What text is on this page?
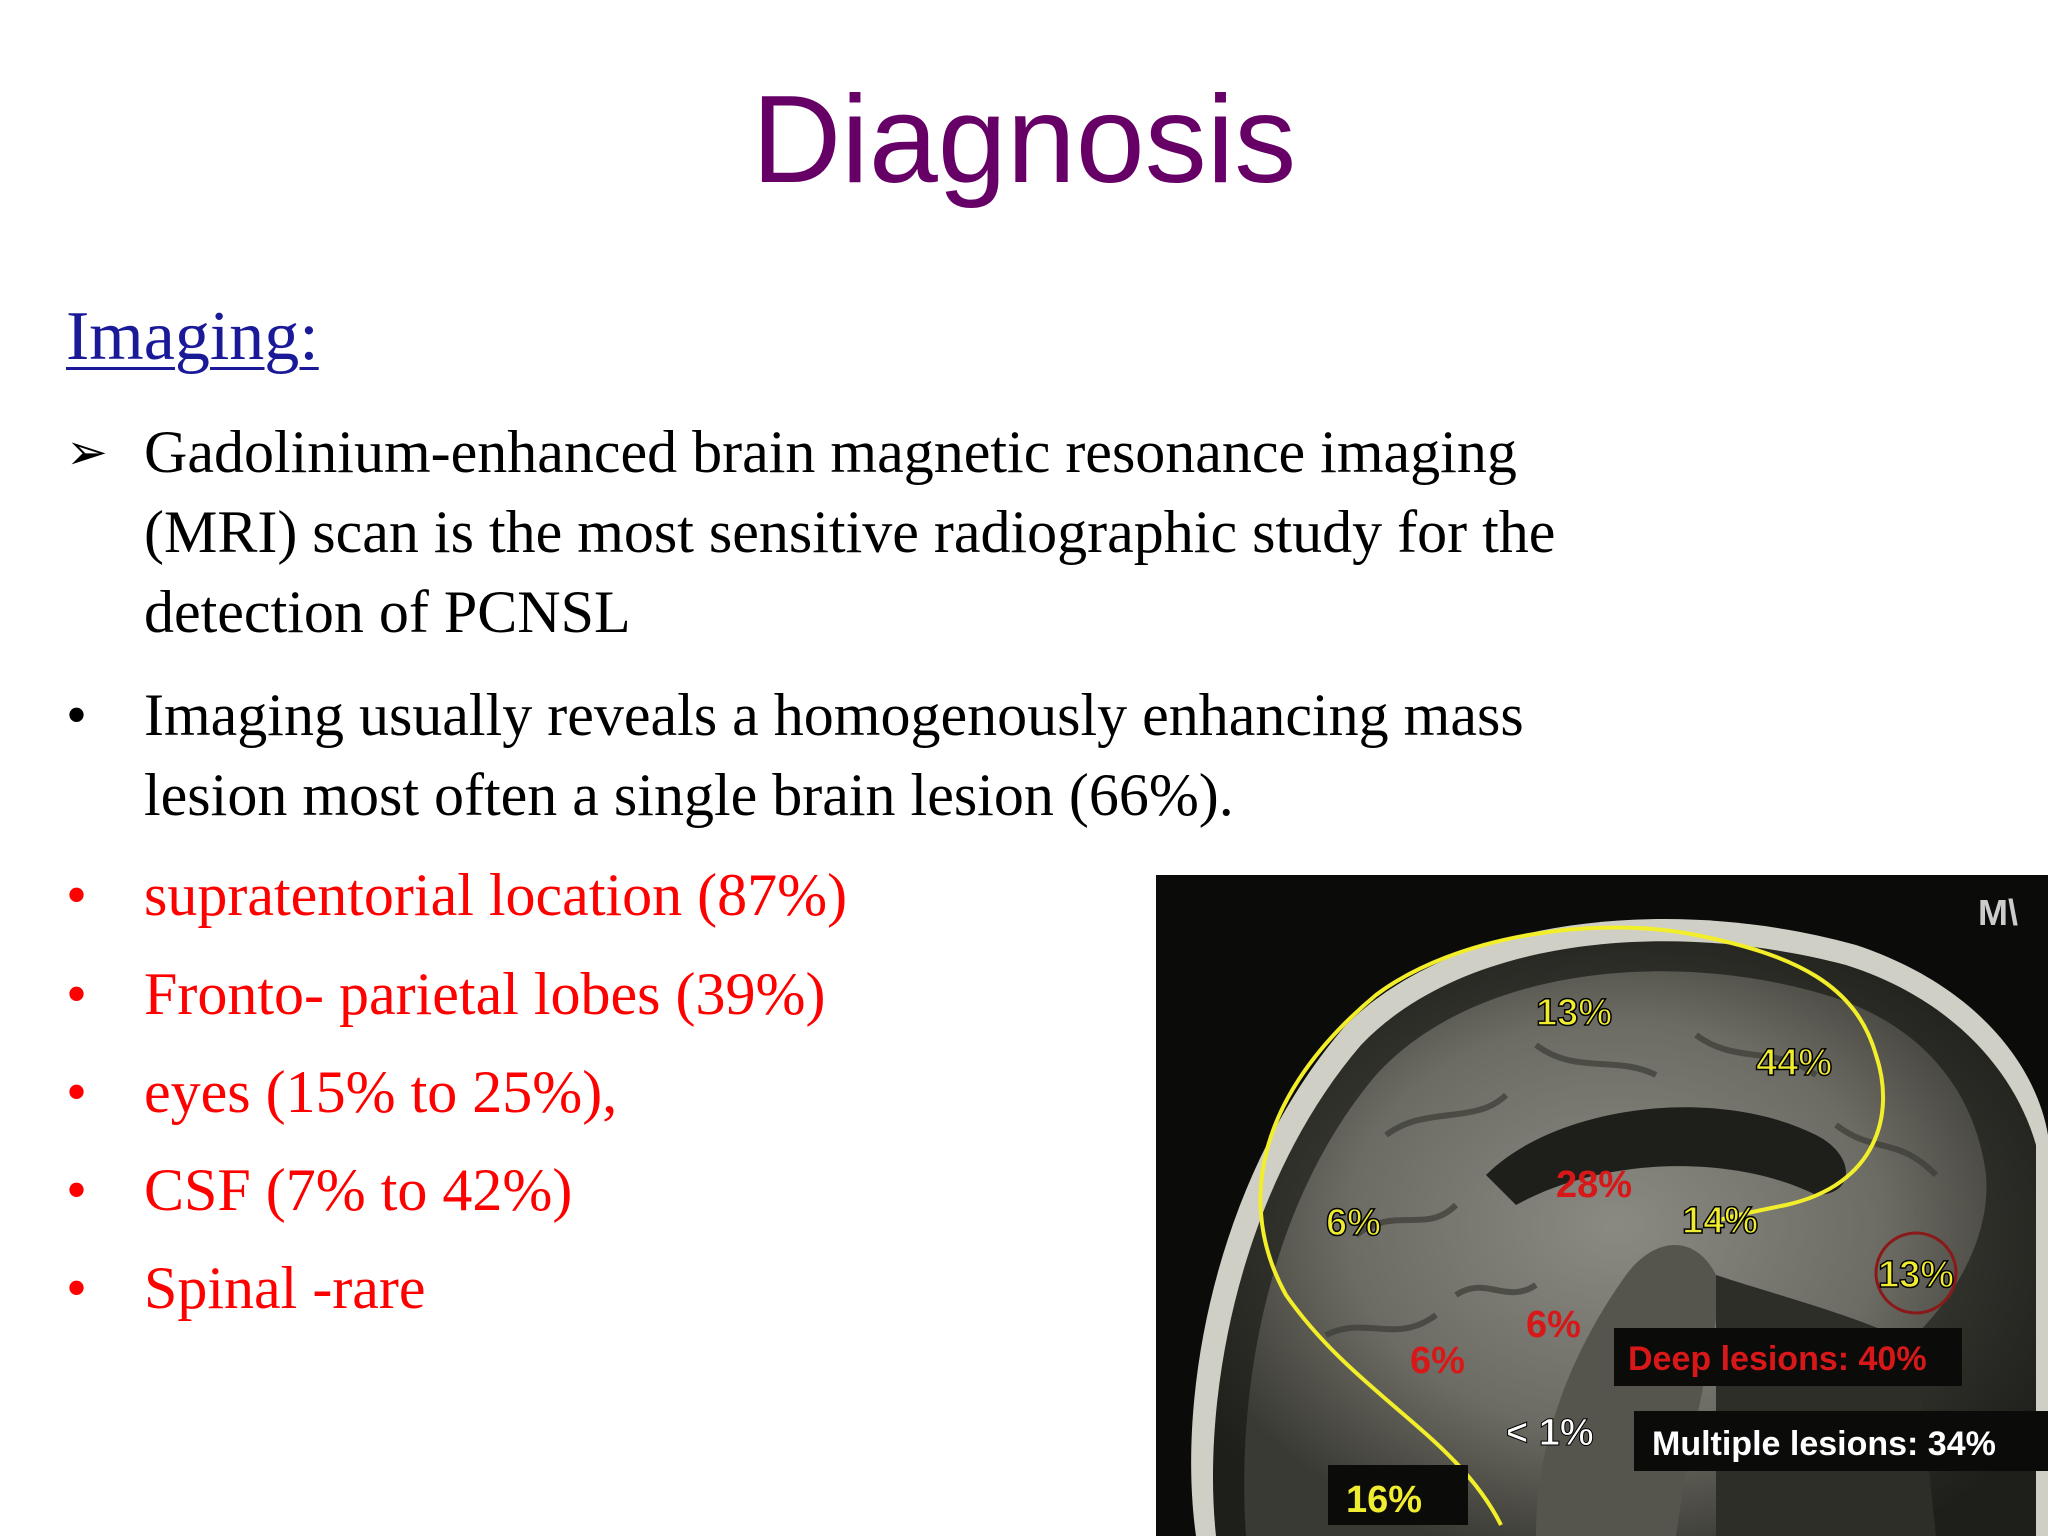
Diagnosis
Imaging:
➢ Gadolinium-enhanced brain magnetic resonance imaging
(MRI) scan is the most sensitive radiographic study for the
detection of PCNSL
• Imaging usually reveals a homogenously enhancing mass
lesion most often a single brain lesion (66%).
• supratentorial location (87%)
• Fronto- parietal lobes (39%)
• eyes (15% to 25%),
• CSF (7% to 42%)
• Spinal -rare
13%
44%
6%
28%
14%
13%
6%
6%
< 1%
Deep lesions: 40%
Multiple lesions: 34%
16%
M\
